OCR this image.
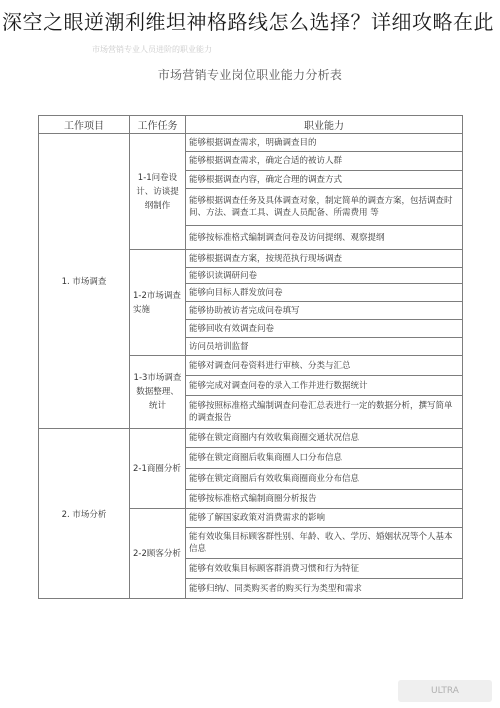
深空之眼逆潮利维坦神格路线怎么选择？详细攻略在此
市场营销专业人员进阶的职业能力
市场营销专业岗位职业能力分析表
工作项目	工作任务	职业能力
1. 市场调查	1-1问卷设计、访谈提纲制作	能够根据调查需求，明确调查目的
		能够根据调查需求，确定合适的被访人群
		能够根据调查内容，确定合理的调查方式
		能够根据调查任务及具体调查对象，制定简单的调查方案，包括调查时间、方法、调查工具、调查人员配备、所需费用 等
		能够按标准格式编制调查问卷及访问提纲、观察提纲
	1-2市场调查实施	能够根据调查方案，按规范执行现场调查
		能够识读调研问卷
		能够向目标人群发放问卷
		能够协助被访者完成问卷填写
		能够回收有效调查问卷
		访问员培训监督
	1-3市场调查数据整理、统计	能够对调查问卷资料进行审核、分类与汇总
		能够完成对调查问卷的录入工作并进行数据统计
		能够按照标准格式编制调查问卷汇总表进行一定的数据分析，撰写简单的调查报告
2. 市场分析	2-1商圈分析	能够在锁定商圈内有效收集商圈交通状况信息
		能够在锁定商圈后收集商圈人口分布信息
		能够在锁定商圈后有效收集商圈商业分布信息
		能够按标准格式编制商圈分析报告
	2-2顾客分析	能够了解国家政策对消费需求的影响
		能有效收集目标顾客群性别、年龄、收入、学历、婚姻状况等个人基本信息
		能够有效收集目标顾客群消费习惯和行为特征
		能够归纳/、同类购买者的购买行为类型和需求
ULTRA
